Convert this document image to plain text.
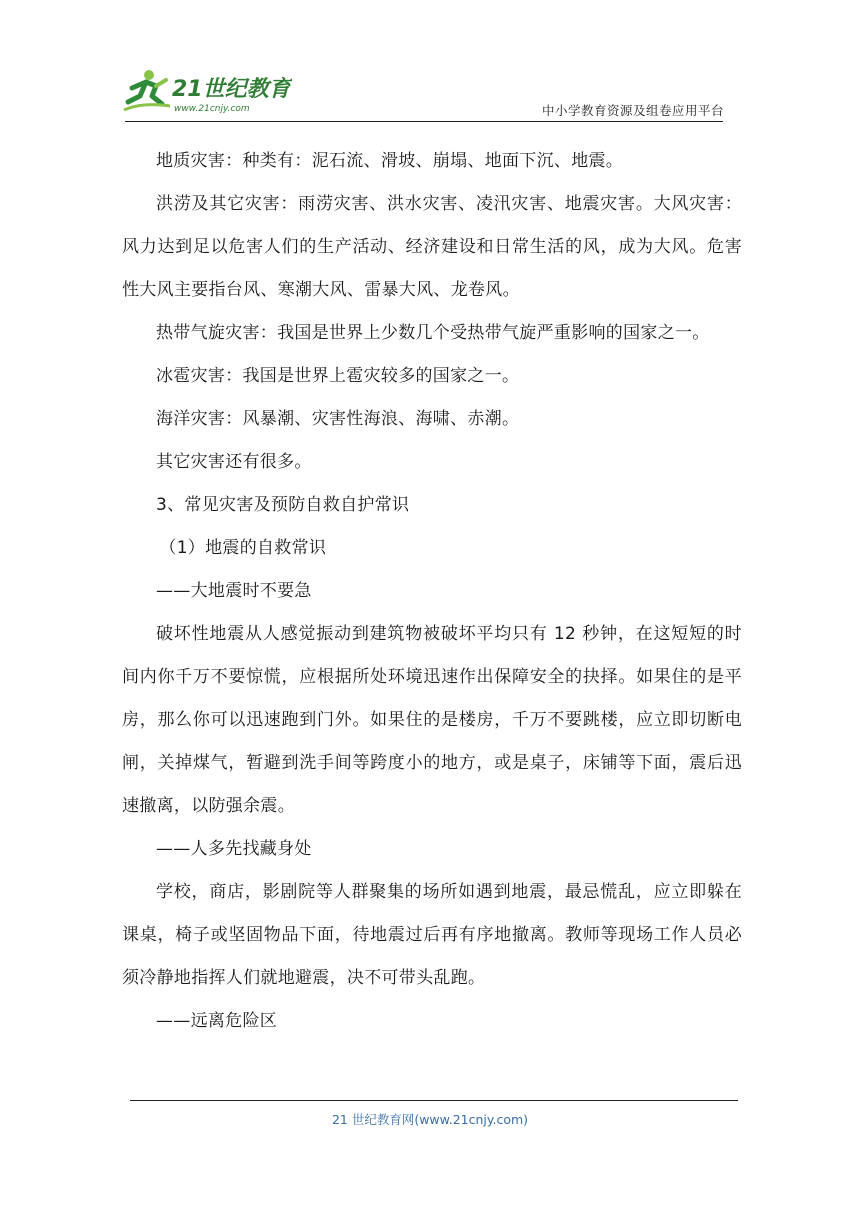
21世纪教育
www.21cnjy.com	中小学教育资源及组卷应用平台

地质灾害：种类有：泥石流、滑坡、崩塌、地面下沉、地震。

洪涝及其它灾害：雨涝灾害、洪水灾害、凌汛灾害、地震灾害。大风灾害：风力达到足以危害人们的生产活动、经济建设和日常生活的风，成为大风。危害性大风主要指台风、寒潮大风、雷暴大风、龙卷风。

热带气旋灾害：我国是世界上少数几个受热带气旋严重影响的国家之一。

冰雹灾害：我国是世界上雹灾较多的国家之一。

海洋灾害：风暴潮、灾害性海浪、海啸、赤潮。

其它灾害还有很多。

3、常见灾害及预防自救自护常识

（1）地震的自救常识

——大地震时不要急

破坏性地震从人感觉振动到建筑物被破坏平均只有 12 秒钟，在这短短的时间内你千万不要惊慌，应根据所处环境迅速作出保障安全的抉择。如果住的是平房，那么你可以迅速跑到门外。如果住的是楼房，千万不要跳楼，应立即切断电闸，关掉煤气，暂避到洗手间等跨度小的地方，或是桌子，床铺等下面，震后迅速撤离，以防强余震。

——人多先找藏身处

学校，商店，影剧院等人群聚集的场所如遇到地震，最忌慌乱，应立即躲在课桌，椅子或坚固物品下面，待地震过后再有序地撤离。教师等现场工作人员必须冷静地指挥人们就地避震，决不可带头乱跑。

——远离危险区

21 世纪教育网(www.21cnjy.com)
